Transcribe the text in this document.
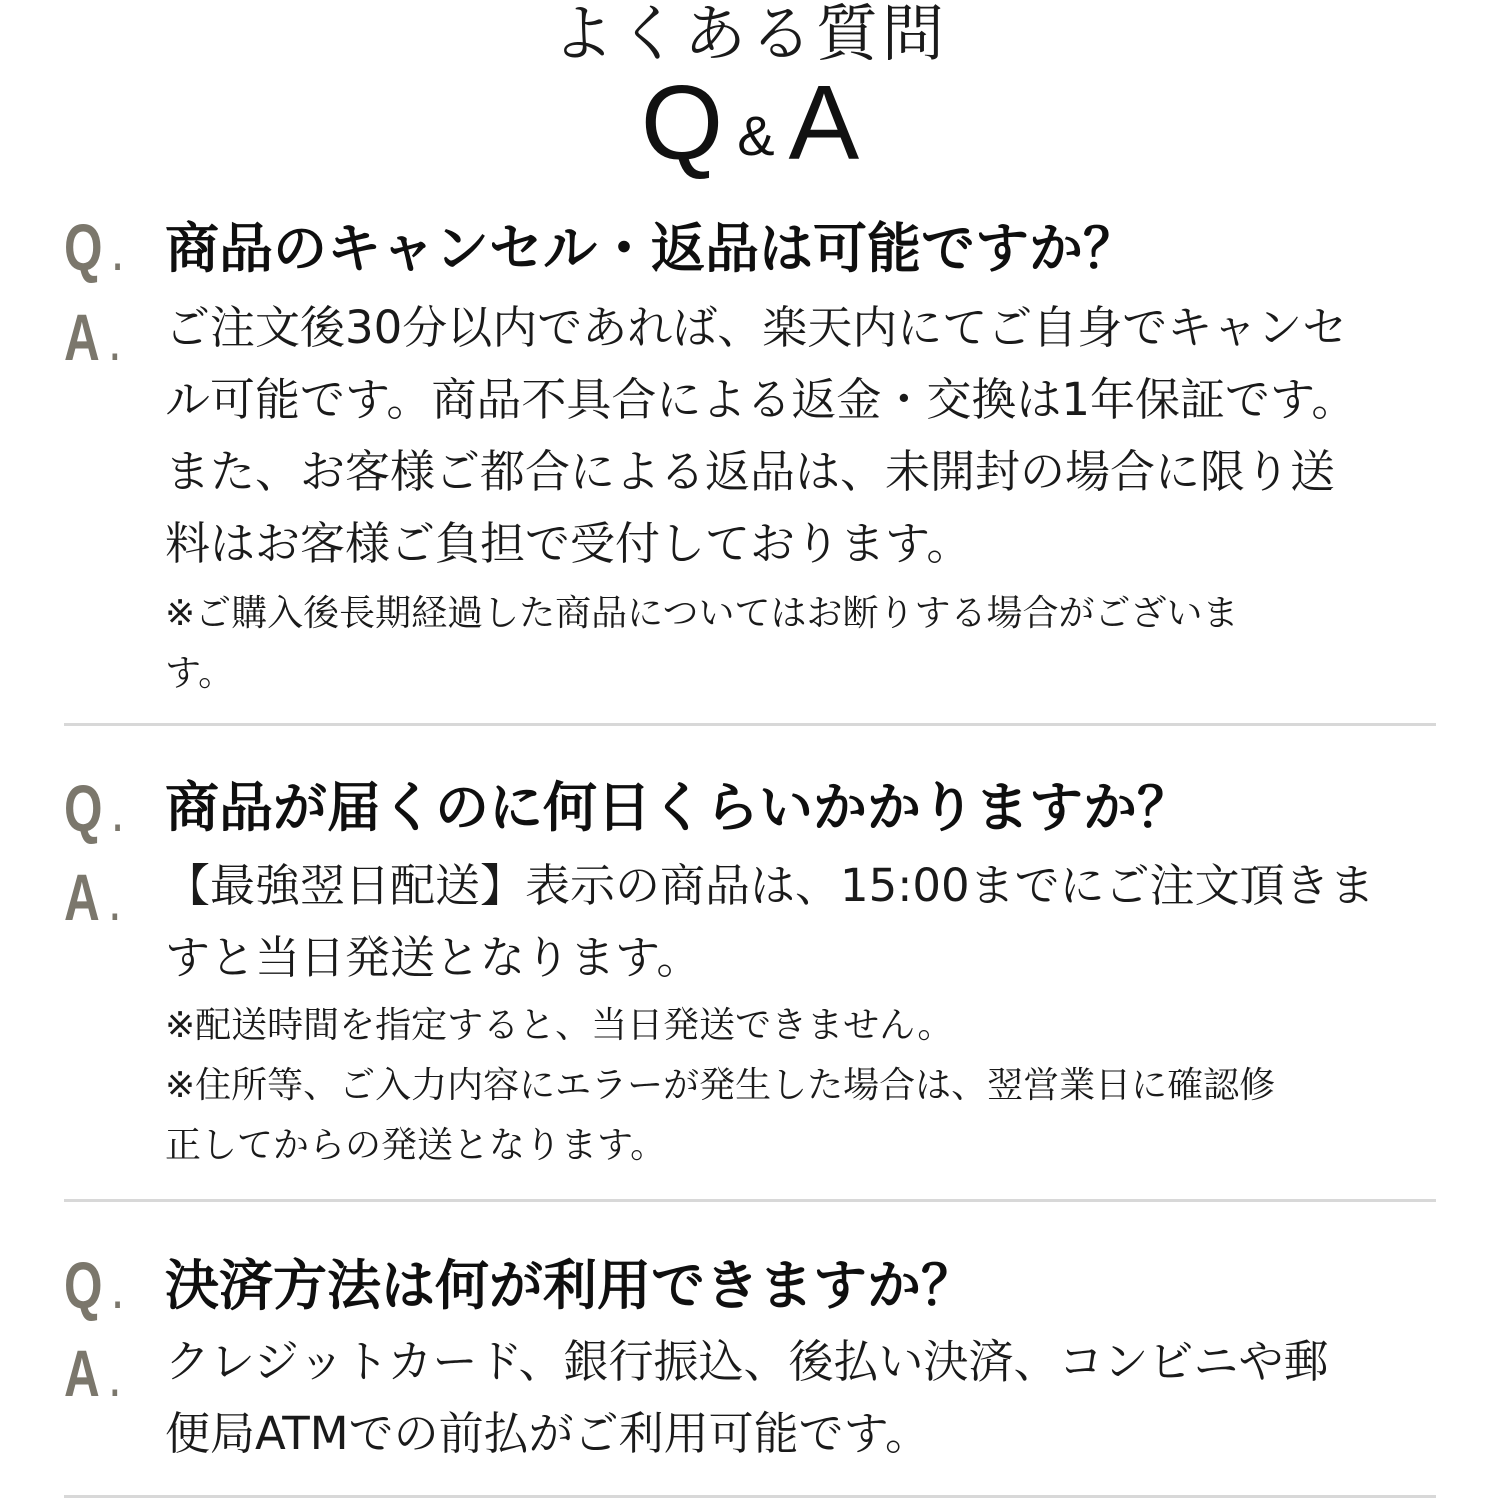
よくある質問
Q & A
Q . 商品のキャンセル・返品は可能ですか？
A . ご注文後30分以内であれば、楽天内にてご自身でキャンセ
ル可能です。商品不具合による返金・交換は1年保証です。
また、お客様ご都合による返品は、未開封の場合に限り送
料はお客様ご負担で受付しております。
※ご購入後長期経過した商品についてはお断りする場合がございま
す。
Q . 商品が届くのに何日くらいかかりますか？
A . 【最強翌日配送】表示の商品は、15:00までにご注文頂きま
すと当日発送となります。
※配送時間を指定すると、当日発送できません。
※住所等、ご入力内容にエラーが発生した場合は、翌営業日に確認修
正してからの発送となります。
Q . 決済方法は何が利用できますか？
A . クレジットカード、銀行振込、後払い決済、コンビニや郵
便局ATMでの前払がご利用可能です。
